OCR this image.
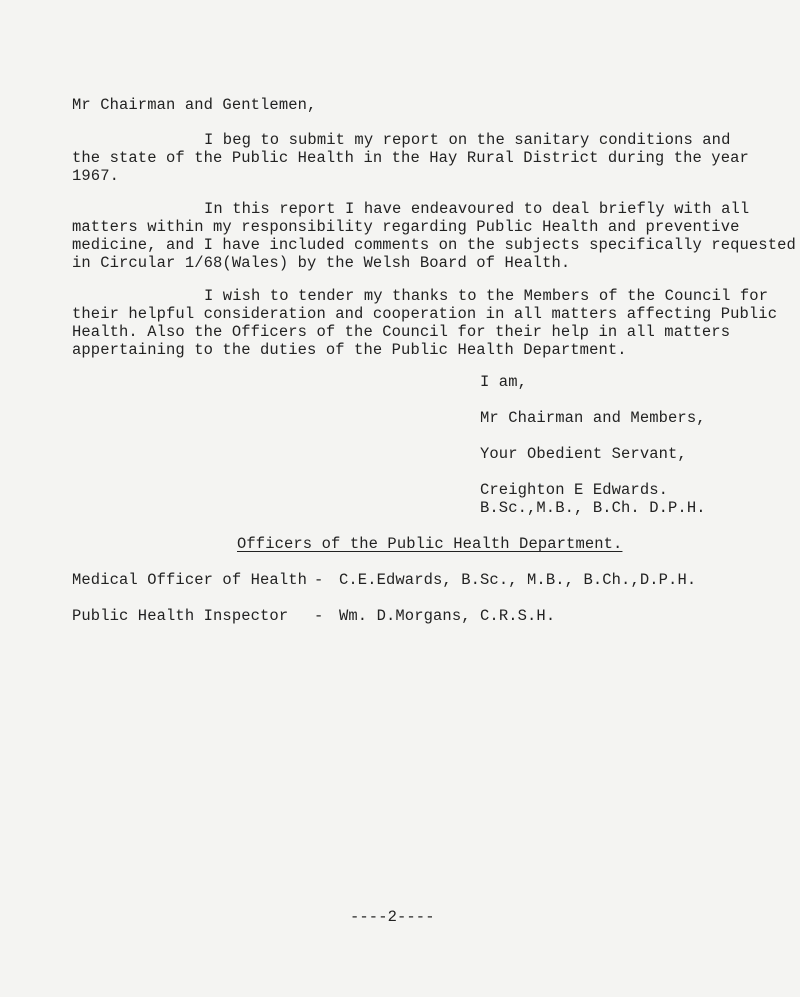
Mr Chairman and Gentlemen,
I beg to submit my report on the sanitary conditions and
the state of the Public Health in the Hay Rural District during the year
1967.
In this report I have endeavoured to deal briefly with all
matters within my responsibility regarding Public Health and preventive
medicine, and I have included comments on the subjects specifically requested
in Circular 1/68(Wales) by the Welsh Board of Health.
I wish to tender my thanks to the Members of the Council for
their helpful consideration and cooperation in all matters affecting Public
Health. Also the Officers of the Council for their help in all matters
appertaining to the duties of the Public Health Department.
I am,
Mr Chairman and Members,
Your Obedient Servant,
Creighton E Edwards.
B.Sc.,M.B., B.Ch. D.P.H.
Officers of the Public Health Department.
Medical Officer of Health - C.E.Edwards, B.Sc., M.B., B.Ch.,D.P.H.
Public Health Inspector - Wm. D.Morgans, C.R.S.H.
----2----
